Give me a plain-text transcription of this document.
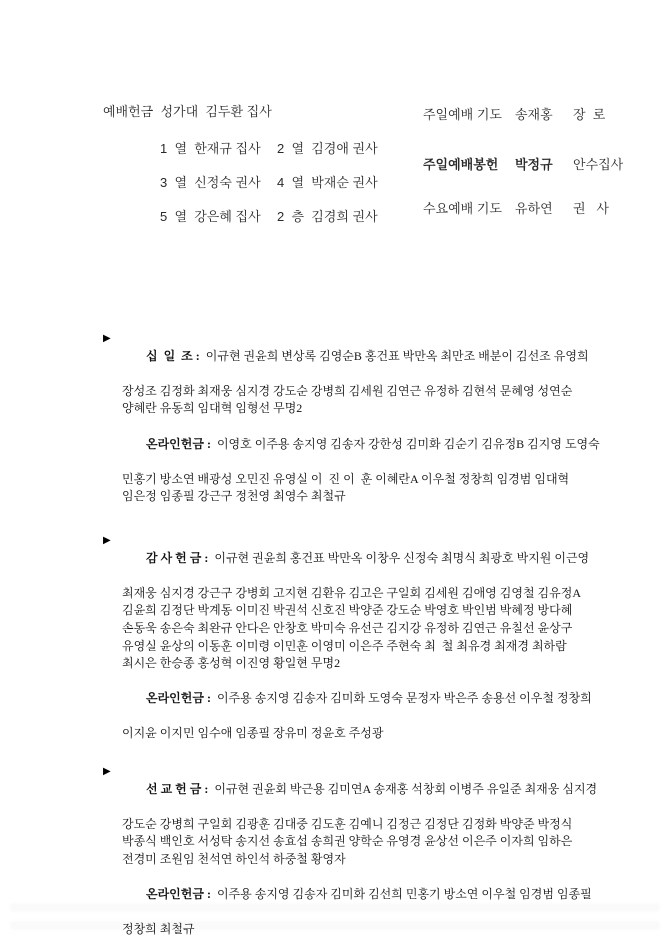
예배헌금  성가대  김두환 집사

1  열  한재규 집사	2  열  김경애 권사

3  열  신정숙 권사	4  열  박재순 권사

5  열  강은혜 집사	2  층  김경희 권사

주일예배 기도	송재홍	장  로

주일예배봉헌	박정규	안수집사

수요예배 기도	유하연	권   사

▶

십  일  조 : 이규현 권윤희 변상록 김영순B 홍건표 박만옥 최만조 배분이 김선조 유영희

장성조 김정화 최재웅 심지경 강도순 강병희 김세원 김연근 유정하 김현석 문혜영 성연순
양혜란 유동희 임대혁 임형선 무명2

온라인헌금 : 이영호 이주용 송지영 김송자 강한성 김미화 김순기 김유정B 김지영 도영숙

민홍기 방소연 배광성 오민진 유영실 이  진 이  훈 이혜란A 이우철 정창희 임경범 임대혁
임은정 임종필 강근구 정천영 최영수 최철규
▶

감 사 헌 금 : 이규현 권윤희 홍건표 박만옥 이창우 신정숙 최명식 최광호 박지원 이근영

최재웅 심지경 강근구 강병회 고지현 김환유 김고은 구일회 김세원 김애영 김영철 김유정A
김윤희 김정단 박계동 이미진 박권석 신호진 박양준 강도순 박영호 박인범 박혜정 방다혜
손동욱 송은숙 최완규 안다은 안창호 박미숙 유선근 김지강 유정하 김연근 유칠선 윤상구
유영실 윤상의 이동훈 이미령 이민훈 이영미 이은주 주현숙 최  철 최유경 최재경 최하람
최시은 한승종 홍성혁 이진영 황일현 무명2

온라인헌금 : 이주용 송지영 김송자 김미화 도영숙 문정자 박은주 송용선 이우철 정창희

이지윤 이지민 임수애 임종필 장유미 정윤호 주성광
▶

선 교 헌 금 : 이규현 권윤회 박근용 김미연A 송재홍 석창회 이병주 유일준 최재웅 심지경

강도순 강병희 구일회 김광훈 김대중 김도훈 김예니 김정근 김정단 김정화 박양준 박정식
박종식 백인호 서성탁 송지선 송효섭 송희권 양학순 유영경 윤상선 이은주 이자희 임하은
전경미 조원임 천석연 하인석 하중철 황영자

온라인헌금 : 이주용 송지영 김송자 김미화 김선희 민홍기 방소연 이우철 임경범 임종필

정창희 최철규
